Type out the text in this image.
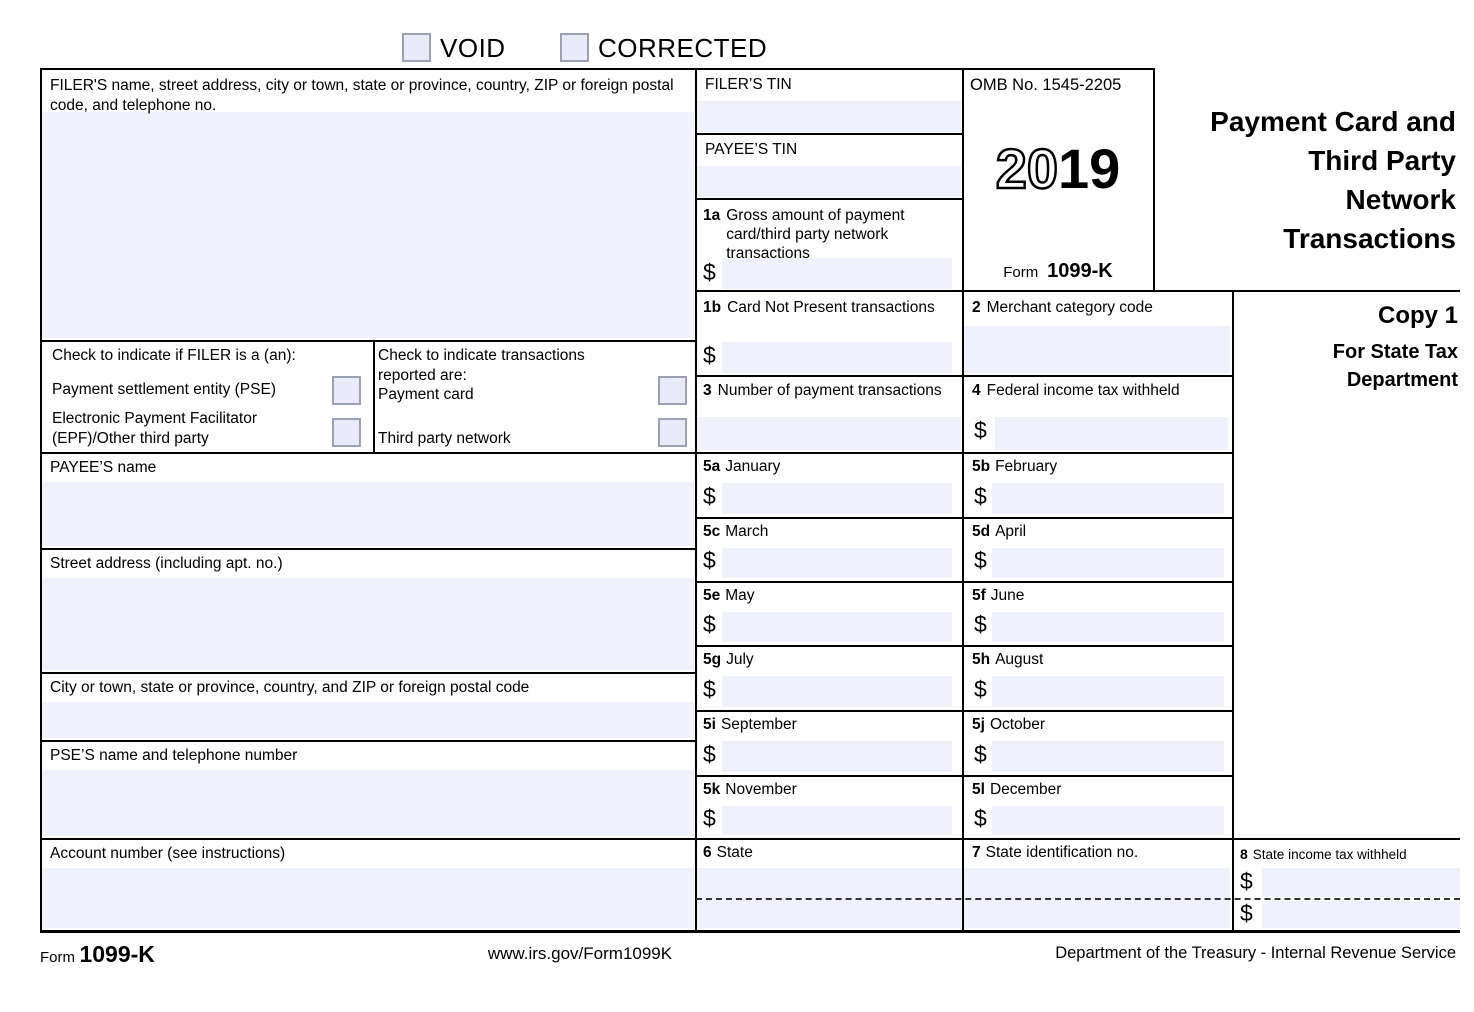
VOID	CORRECTED
FILER'S name, street address, city or town, state or province, country, ZIP or foreign postal code, and telephone no.
FILER’S TIN
PAYEE’S TIN
OMB No. 1545-2205
2019
Form 1099-K
Payment Card and
Third Party
Network
Transactions
Copy 1
For State Tax Department
1a Gross amount of payment card/third party network transactions
$
1b Card Not Present transactions
$
2 Merchant category code
3 Number of payment transactions 4 Federal income tax withheld
$
Check to indicate if FILER is a (an):
Payment settlement entity (PSE)
Electronic Payment Facilitator (EPF)/Other third party
Check to indicate transactions reported are:
Payment card
Third party network
PAYEE’S name
Street address (including apt. no.)
City or town, state or province, country, and ZIP or foreign postal code
PSE’S name and telephone number
Account number (see instructions)
5a January
$
5b February
$
5c March
$
5d April
$
5e May
$
5f June
$
5g July
$
5h August
$
5i September
$
5j October
$
5k November
$
5l December
$
6 State	7 State identification no.	8 State income tax withheld
$
$
Form 1099-K	www.irs.gov/Form1099K	Department of the Treasury - Internal Revenue Service
